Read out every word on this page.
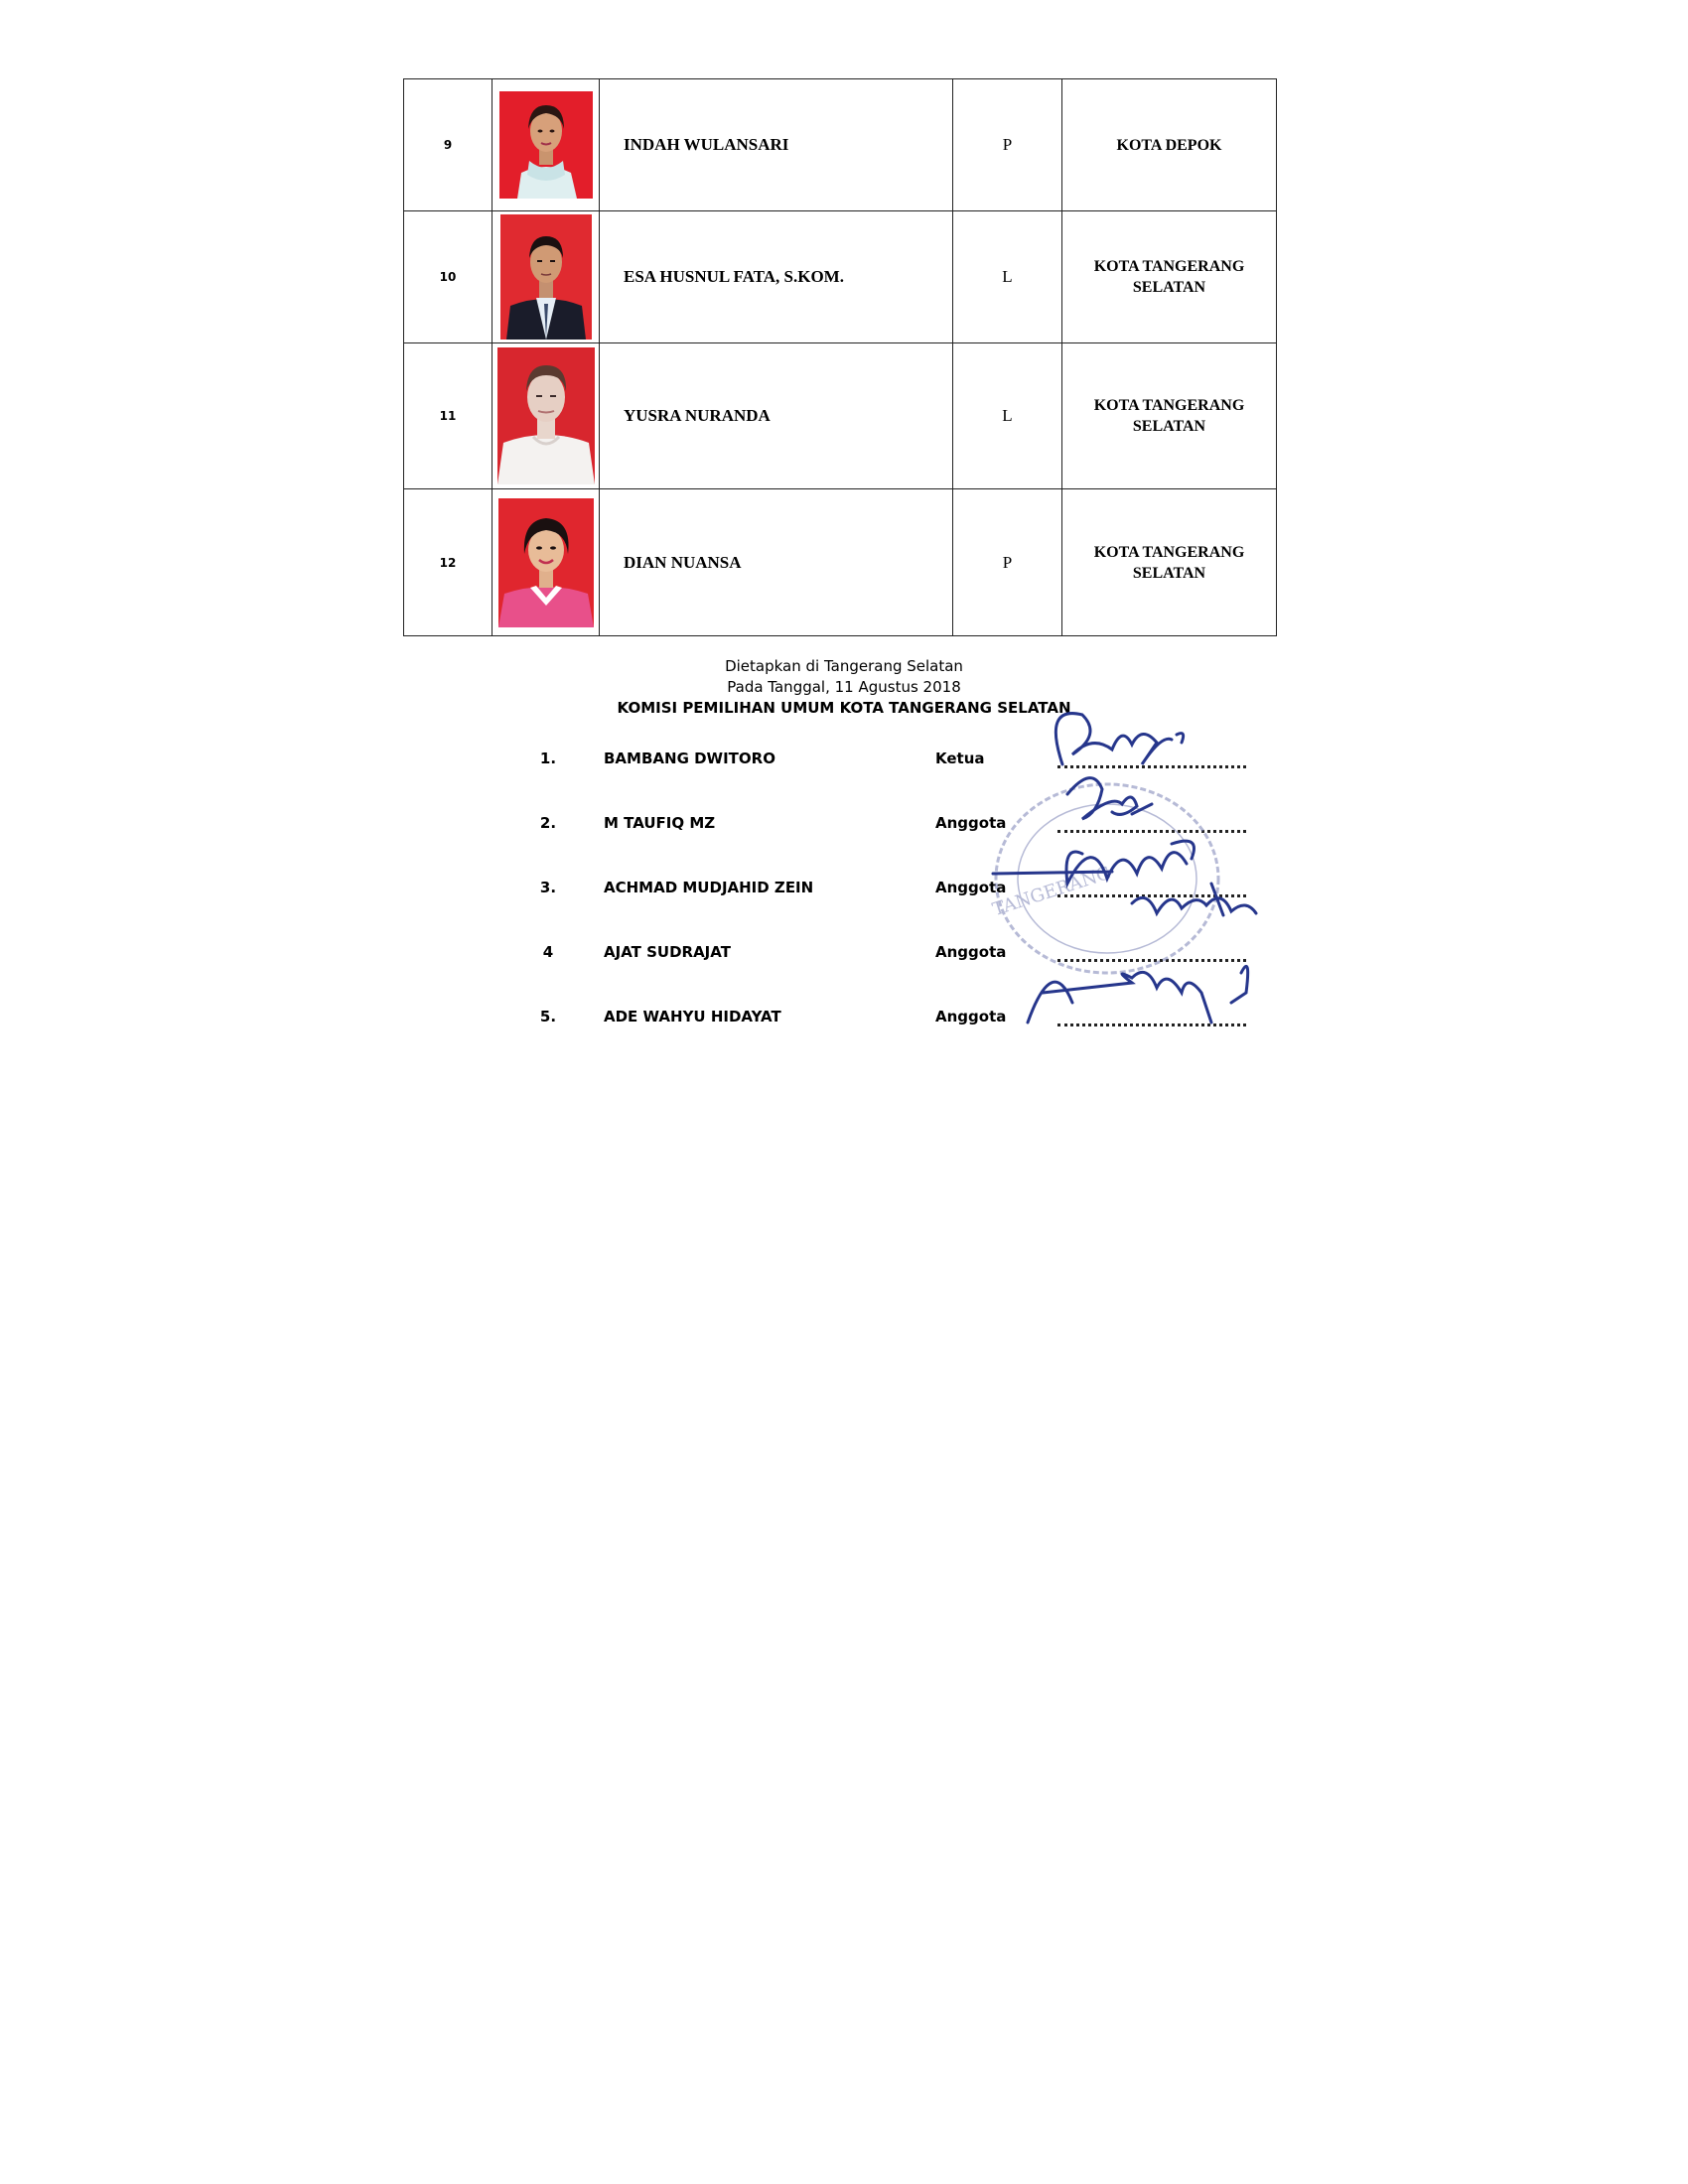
9		INDAH WULANSARI	P	KOTA DEPOK

10		ESA HUSNUL FATA, S.KOM.	L	KOTA TANGERANG
SELATAN

11		YUSRA NURANDA	L	KOTA TANGERANG
SELATAN

12		DIAN NUANSA	P	KOTA TANGERANG
SELATAN
Dietapkan di Tangerang Selatan
Pada Tanggal, 11 Agustus 2018
KOMISI PEMILIHAN UMUM KOTA TANGERANG SELATAN
1.	BAMBANG DWITORO	Ketua
2.	M TAUFIQ MZ	Anggota
3.	ACHMAD MUDJAHID ZEIN	Anggota
4	AJAT SUDRAJAT	Anggota
5.	ADE WAHYU HIDAYAT	Anggota
TANGERANG
